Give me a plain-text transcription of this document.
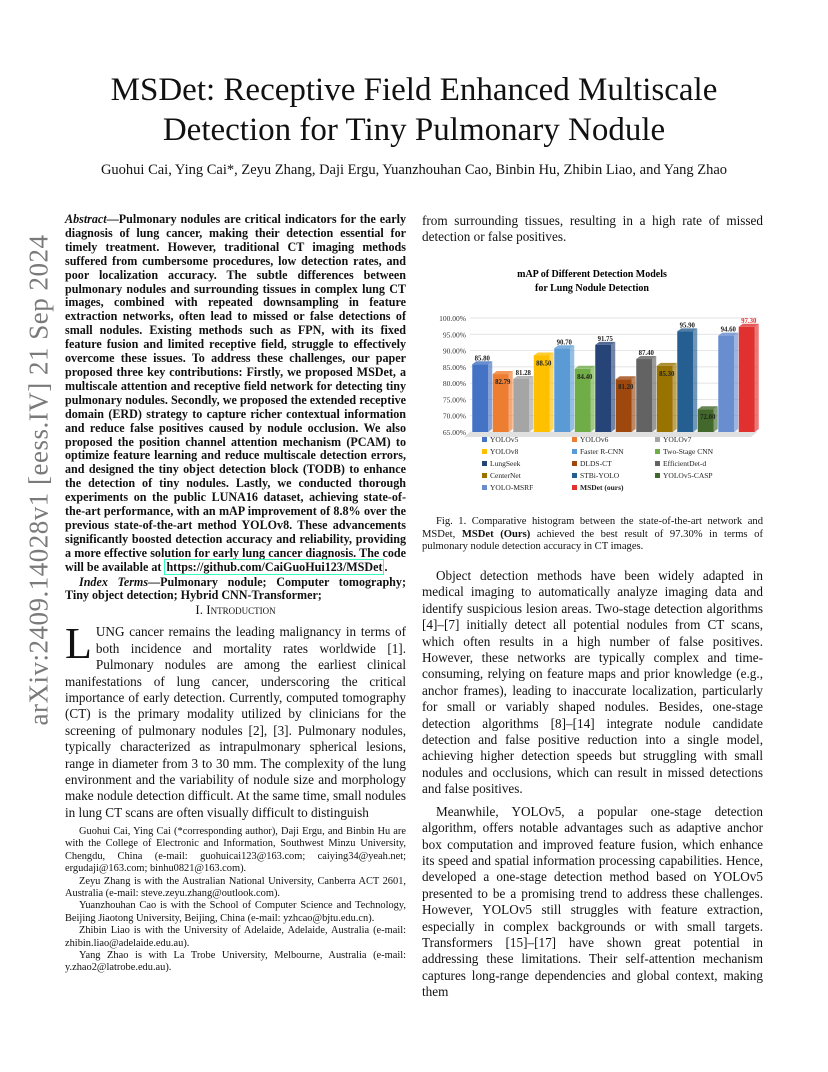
arXiv:2409.14028v1 [eess.IV] 21 Sep 2024
MSDet: Receptive Field Enhanced Multiscale Detection for Tiny Pulmonary Nodule
Guohui Cai, Ying Cai*, Zeyu Zhang, Daji Ergu, Yuanzhouhan Cao, Binbin Hu, Zhibin Liao, and Yang Zhao

Abstract—Pulmonary nodules are critical indicators for the early diagnosis of lung cancer, making their detection essential for timely treatment. However, traditional CT imaging methods suffered from cumbersome procedures, low detection rates, and poor localization accuracy. The subtle differences between pulmonary nodules and surrounding tissues in complex lung CT images, combined with repeated downsampling in feature extraction networks, often lead to missed or false detections of small nodules. Existing methods such as FPN, with its fixed feature fusion and limited receptive field, struggle to effectively overcome these issues. To address these challenges, our paper proposed three key contributions: Firstly, we proposed MSDet, a multiscale attention and receptive field network for detecting tiny pulmonary nodules. Secondly, we proposed the extended receptive domain (ERD) strategy to capture richer contextual information and reduce false positives caused by nodule occlusion. We also proposed the position channel attention mechanism (PCAM) to optimize feature learning and reduce multiscale detection errors, and designed the tiny object detection block (TODB) to enhance the detection of tiny nodules. Lastly, we conducted thorough experiments on the public LUNA16 dataset, achieving state-of-the-art performance, with an mAP improvement of 8.8% over the previous state-of-the-art method YOLOv8. These advancements significantly boosted detection accuracy and reliability, providing a more effective solution for early lung cancer diagnosis. The code will be available at https://github.com/CaiGuoHui123/MSDet .

Index Terms—Pulmonary nodule; Computer tomography; Tiny object detection; Hybrid CNN-Transformer;

I. Introduction

LUNG cancer remains the leading malignancy in terms of both incidence and mortality rates worldwide [1]. Pulmonary nodules are among the earliest clinical manifestations of lung cancer, underscoring the critical importance of early detection. Currently, computed tomography (CT) is the primary modality utilized by clinicians for the screening of pulmonary nodules [2], [3]. Pulmonary nodules, typically characterized as intrapulmonary spherical lesions, range in diameter from 3 to 30 mm. The complexity of the lung environment and the variability of nodule size and morphology make nodule detection difficult. At the same time, small nodules in lung CT scans are often visually difficult to distinguish

Guohui Cai, Ying Cai (*corresponding author), Daji Ergu, and Binbin Hu are with the College of Electronic and Information, Southwest Minzu University, Chengdu, China (e-mail: guohuicai123@163.com; caiying34@yeah.net; ergudaji@163.com; binhu0821@163.com).

Zeyu Zhang is with the Australian National University, Canberra ACT 2601, Australia (e-mail: steve.zeyu.zhang@outlook.com).

Yuanzhouhan Cao is with the School of Computer Science and Technology, Beijing Jiaotong University, Beijing, China (e-mail: yzhcao@bjtu.edu.cn).

Zhibin Liao is with the University of Adelaide, Adelaide, Australia (e-mail: zhibin.liao@adelaide.edu.au).

Yang Zhao is with La Trobe University, Melbourne, Australia (e-mail: y.zhao2@latrobe.edu.au).

from surrounding tissues, resulting in a high rate of missed detection or false positives.
mAP of Different Detection Models
for Lung Nodule Detection
65.00%
70.00%
75.00%
80.00%
85.00%
90.00%
95.00%
100.00%
85.80
82.79
81.28
88.50
90.70
84.40
91.75
81.20
87.40
85.30
95.90
72.00
94.60
97.30
YOLOv5	YOLOv6	YOLOv7
YOLOv8	Faster R-CNN	Two-Stage CNN
LungSeek	DLDS-CT	EfficientDet-d
CenterNet	STBi-YOLO	YOLOv5-CASP
YOLO-MSRF	MSDet (ours)

Fig. 1. Comparative histogram between the state-of-the-art network and MSDet, MSDet (Ours) achieved the best result of 97.30% in terms of pulmonary nodule detection accuracy in CT images.

Object detection methods have been widely adapted in medical imaging to automatically analyze imaging data and identify suspicious lesion areas. Two-stage detection algorithms [4]–[7] initially detect all potential nodules from CT scans, which often results in a high number of false positives. However, these networks are typically complex and time-consuming, relying on feature maps and prior knowledge (e.g., anchor frames), leading to inaccurate localization, particularly for small or variably shaped nodules. Besides, one-stage detection algorithms [8]–[14] integrate nodule candidate detection and false positive reduction into a single model, achieving higher detection speeds but struggling with small nodules and occlusions, which can result in missed detections and false positives.

Meanwhile, YOLOv5, a popular one-stage detection algorithm, offers notable advantages such as adaptive anchor box computation and improved feature fusion, which enhance its speed and spatial information processing capabilities. Hence, developed a one-stage detection method based on YOLOv5 presented to be a promising trend to address these challenges. However, YOLOv5 still struggles with feature extraction, especially in complex backgrounds or with small targets. Transformers [15]–[17] have shown great potential in addressing these limitations. Their self-attention mechanism captures long-range dependencies and global context, making them
